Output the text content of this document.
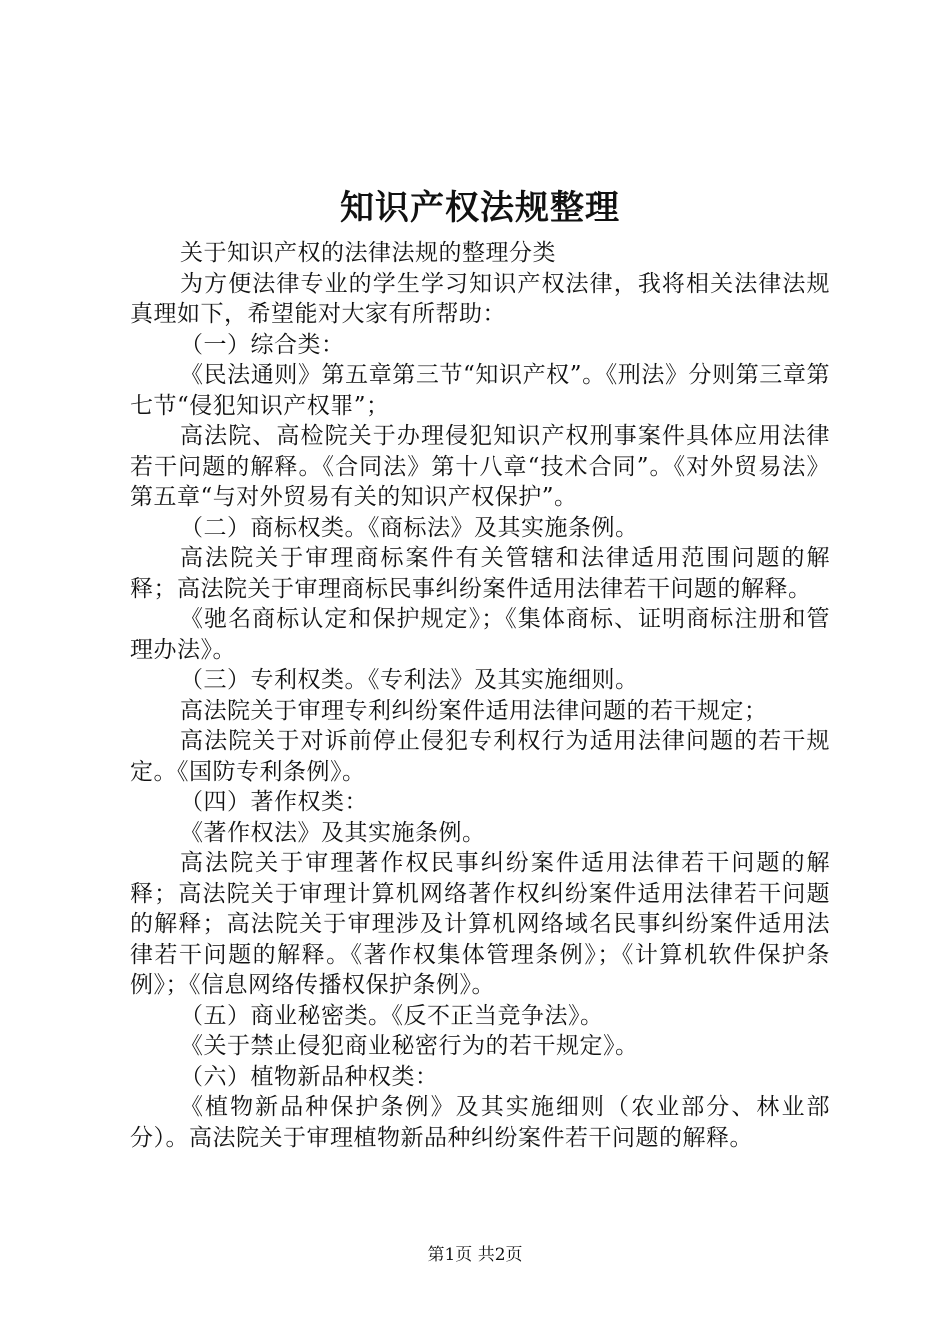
知识产权法规整理

关于知识产权的法律法规的整理分类

为方便法律专业的学生学习知识产权法律，我将相关法律法规真理如下，希望能对大家有所帮助：

（一）综合类：

《民法通则》第五章第三节“知识产权”。《刑法》分则第三章第七节“侵犯知识产权罪”；

高法院、高检院关于办理侵犯知识产权刑事案件具体应用法律若干问题的解释。《合同法》第十八章“技术合同”。《对外贸易法》第五章“与对外贸易有关的知识产权保护”。

（二）商标权类。《商标法》及其实施条例。

高法院关于审理商标案件有关管辖和法律适用范围问题的解释；高法院关于审理商标民事纠纷案件适用法律若干问题的解释。

《驰名商标认定和保护规定》；《集体商标、证明商标注册和管理办法》。

（三）专利权类。《专利法》及其实施细则。

高法院关于审理专利纠纷案件适用法律问题的若干规定；

高法院关于对诉前停止侵犯专利权行为适用法律问题的若干规定。《国防专利条例》。

（四）著作权类：

《著作权法》及其实施条例。

高法院关于审理著作权民事纠纷案件适用法律若干问题的解释；高法院关于审理计算机网络著作权纠纷案件适用法律若干问题的解释；高法院关于审理涉及计算机网络域名民事纠纷案件适用法律若干问题的解释。《著作权集体管理条例》；《计算机软件保护条例》；《信息网络传播权保护条例》。

（五）商业秘密类。《反不正当竞争法》。

《关于禁止侵犯商业秘密行为的若干规定》。

（六）植物新品种权类：

《植物新品种保护条例》及其实施细则（农业部分、林业部分）。高法院关于审理植物新品种纠纷案件若干问题的解释。

第1页 共2页
